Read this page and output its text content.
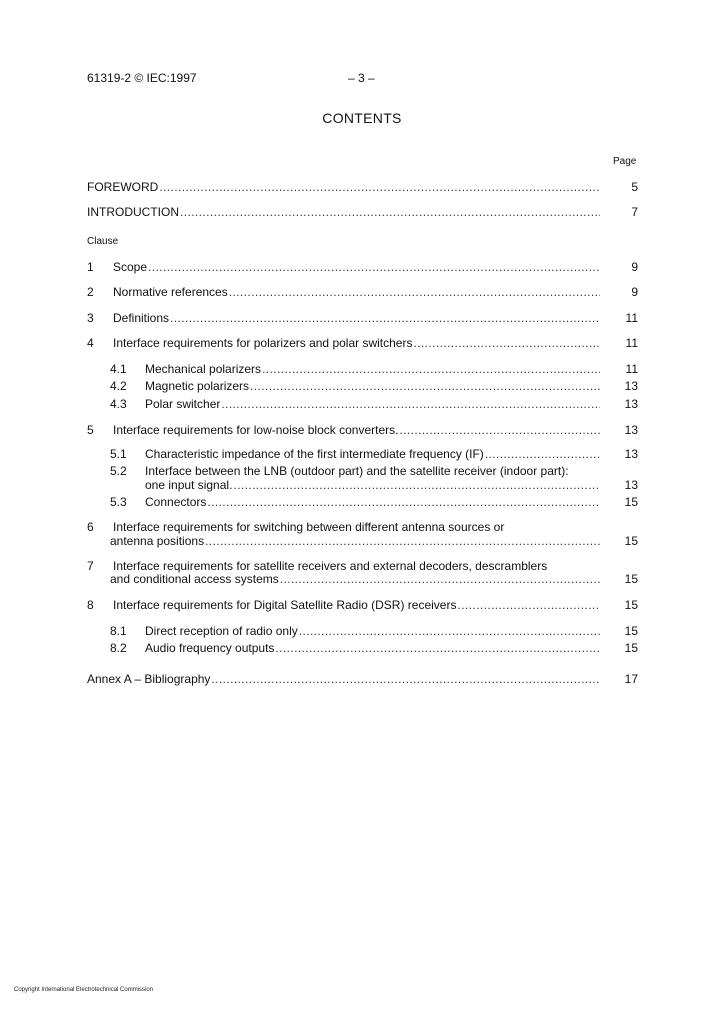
61319-2 © IEC:1997	– 3 –
CONTENTS
Page
FOREWORD .....	5
INTRODUCTION .....	7
Clause
1 Scope .....	9
2 Normative references .....	9
3 Definitions .....	11
4 Interface requirements for polarizers and polar switchers .....	11
4.1 Mechanical polarizers .....	11
4.2 Magnetic polarizers .....	13
4.3 Polar switcher .....	13
5 Interface requirements for low-noise block converters. .....	13
5.1 Characteristic impedance of the first intermediate frequency (IF) .....	13
5.2 Interface between the LNB (outdoor part) and the satellite receiver (indoor part):
one input signal. .....	13
5.3 Connectors .....	15
6 Interface requirements for switching between different antenna sources or
antenna positions .....	15
7 Interface requirements for satellite receivers and external decoders, descramblers
and conditional access systems .....	15
8 Interface requirements for Digital Satellite Radio (DSR) receivers .....	15
8.1 Direct reception of radio only .....	15
8.2 Audio frequency outputs .....	15
Annex A – Bibliography .....	17
Copyright International Electrotechnical Commission
